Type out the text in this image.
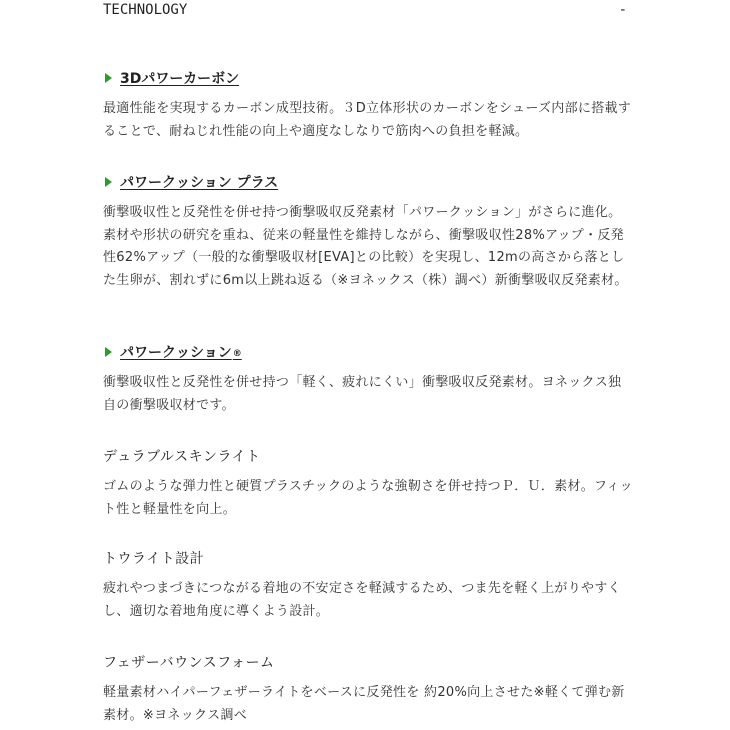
TECHNOLOGY	-
3Dパワーカーボン
最適性能を実現するカーボン成型技術。３D立体形状のカーボンをシューズ内部に搭載することで、耐ねじれ性能の向上や適度なしなりで筋肉への負担を軽減。
パワークッション プラス
衝撃吸収性と反発性を併せ持つ衝撃吸収反発素材「パワークッション」がさらに進化。素材や形状の研究を重ね、従来の軽量性を維持しながら、衝撃吸収性28%アップ・反発性62%アップ（一般的な衝撃吸収材[EVA]との比較）を実現し、12mの高さから落とした生卵が、割れずに6m以上跳ね返る（※ヨネックス（株）調べ）新衝撃吸収反発素材。
パワークッション®
衝撃吸収性と反発性を併せ持つ「軽く、疲れにくい」衝撃吸収反発素材。ヨネックス独自の衝撃吸収材です。
デュラブルスキンライト
ゴムのような弾力性と硬質プラスチックのような強靭さを併せ持つＰ．Ｕ．素材。フィット性と軽量性を向上。
トウライト設計
疲れやつまづきにつながる着地の不安定さを軽減するため、つま先を軽く上がりやすくし、適切な着地角度に導くよう設計。
フェザーバウンスフォーム
軽量素材ハイパーフェザーライトをベースに反発性を 約20%向上させた※軽くて弾む新素材。※ヨネックス調べ
